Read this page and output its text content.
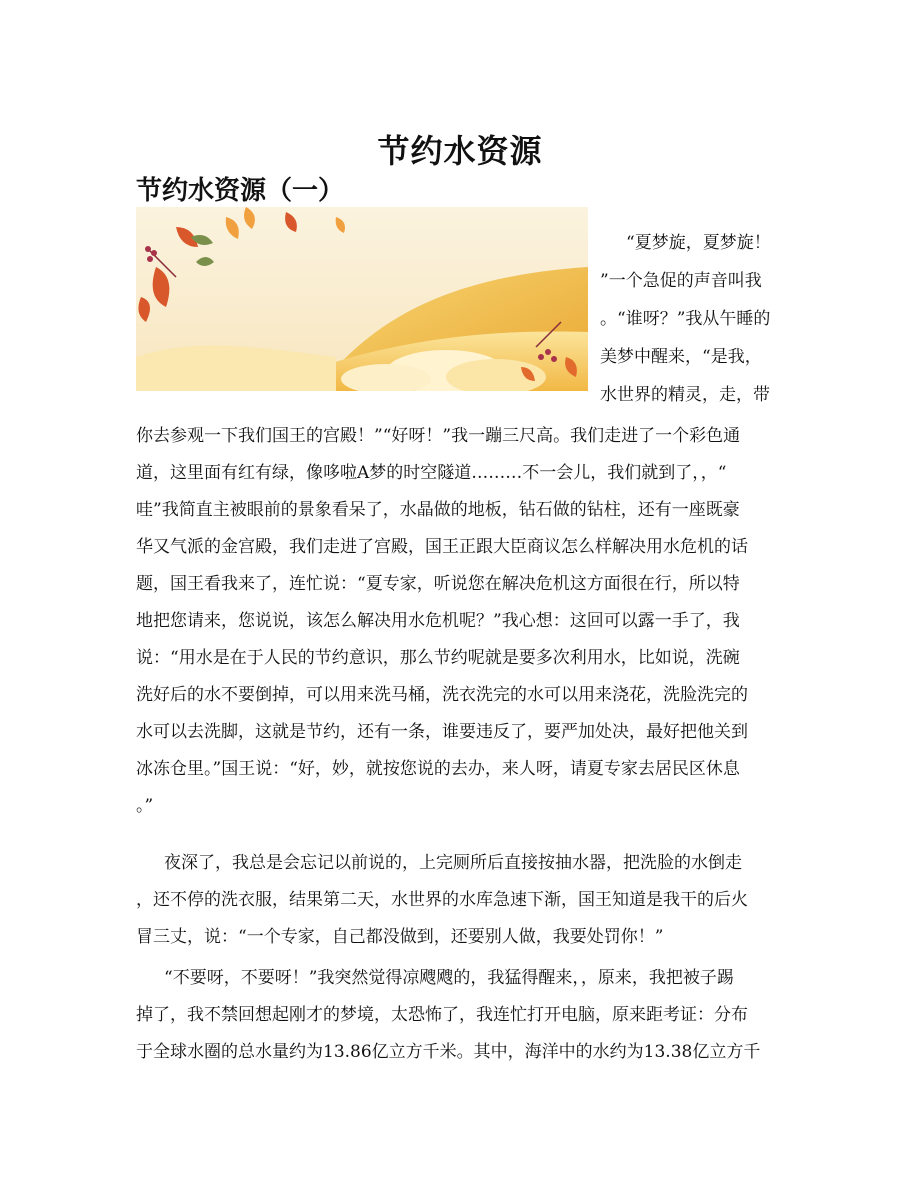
节约水资源
节约水资源（一）
“夏梦旋，夏梦旋！
”一个急促的声音叫我
。“谁呀？”我从午睡的
美梦中醒来，“是我，
水世界的精灵，走，带
你去参观一下我们国王的宫殿！”“好呀！”我一蹦三尺高。我们走进了一个彩色通
道，这里面有红有绿，像哆啦A梦的时空隧道………不一会儿，我们就到了，，“
哇”我简直主被眼前的景象看呆了，水晶做的地板，钻石做的钻柱，还有一座既豪
华又气派的金宫殿，我们走进了宫殿，国王正跟大臣商议怎么样解决用水危机的话
题，国王看我来了，连忙说：“夏专家，听说您在解决危机这方面很在行，所以特
地把您请来，您说说，该怎么解决用水危机呢？”我心想：这回可以露一手了，我
说：“用水是在于人民的节约意识，那么节约呢就是要多次利用水，比如说，洗碗
洗好后的水不要倒掉，可以用来洗马桶，洗衣洗完的水可以用来浇花，洗脸洗完的
水可以去洗脚，这就是节约，还有一条，谁要违反了，要严加处决，最好把他关到
冰冻仓里。”国王说：“好，妙，就按您说的去办，来人呀，请夏专家去居民区休息
。”
夜深了，我总是会忘记以前说的，上完厕所后直接按抽水器，把洗脸的水倒走
，还不停的洗衣服，结果第二天，水世界的水库急速下渐，国王知道是我干的后火
冒三丈，说：“一个专家，自己都没做到，还要别人做，我要处罚你！”
“不要呀，不要呀！”我突然觉得凉飕飕的，我猛得醒来，，原来，我把被子踢
掉了，我不禁回想起刚才的梦境，太恐怖了，我连忙打开电脑，原来距考证：分布
于全球水圈的总水量约为13.86亿立方千米。其中，海洋中的水约为13.38亿立方千
